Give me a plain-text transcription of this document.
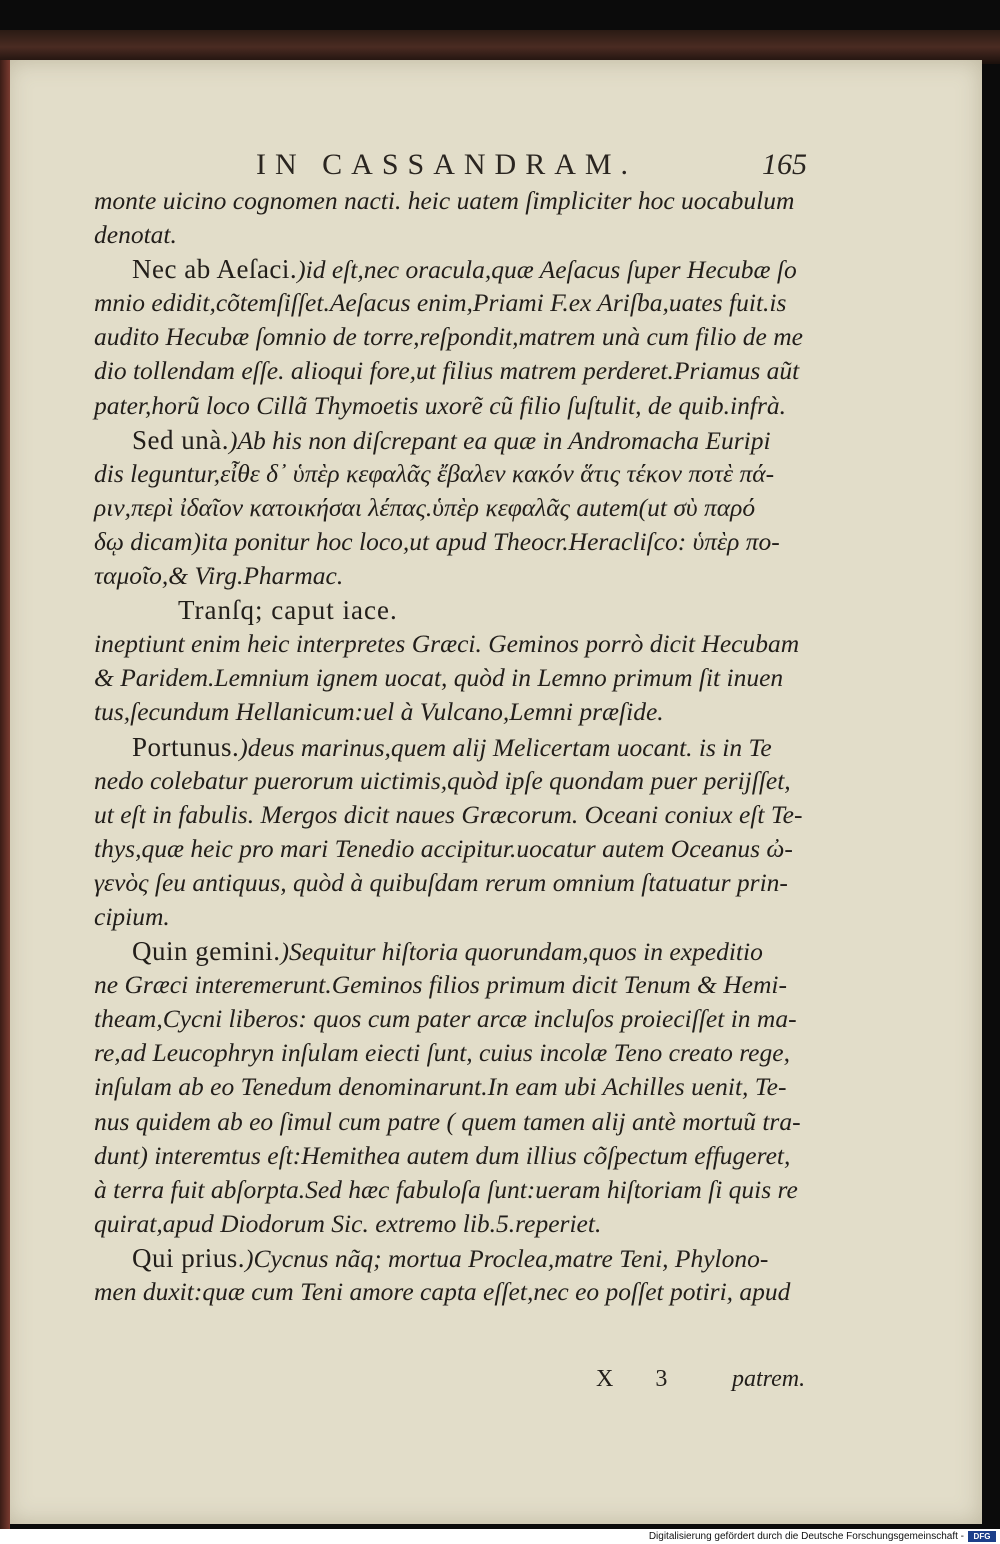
IN CASSANDRAM.	165
monte uicino cognomen nacti. heic uatem ſimpliciter hoc uocabulum
denotat.
Nec ab Aeſaci.)id eſt,nec oracula,quæ Aeſacus ſuper Hecubæ ſo
mnio edidit,cõtemſiſſet.Aeſacus enim,Priami F.ex Ariſba,uates fuit.is
audito Hecubæ ſomnio de torre,reſpondit,matrem unà cum filio de me
dio tollendam eſſe. alioqui fore,ut filius matrem perderet.Priamus aũt
pater,horũ loco Cillã Thymoetis uxorẽ cũ filio ſuſtulit, de quib.infrà.
Sed unà.)Ab his non diſcrepant ea quæ in Andromacha Euripi
dis leguntur,εἶθε δ᾽ ὑπὲρ κεφαλᾶς ἔβαλεν κακόν ἅτις τέκον ποτὲ πά-
ριν,περὶ ἰδαῖον κατοικήσαι λέπας.ὑπὲρ κεφαλᾶς autem(ut σὺ παρό
δῳ dicam)ita ponitur hoc loco,ut apud Theocr.Heracliſco: ὑπὲρ πο-
ταμοῖο,& Virg.Pharmac.
Tranſq; caput iace.
ineptiunt enim heic interpretes Græci. Geminos porrò dicit Hecubam
& Paridem.Lemnium ignem uocat, quòd in Lemno primum ſit inuen
tus,ſecundum Hellanicum:uel à Vulcano,Lemni præſide.
Portunus.)deus marinus,quem alij Melicertam uocant. is in Te
nedo colebatur puerorum uictimis,quòd ipſe quondam puer perijſſet,
ut eſt in fabulis. Mergos dicit naues Græcorum. Oceani coniux eſt Te-
thys,quæ heic pro mari Tenedio accipitur.uocatur autem Oceanus ὠ-
γενὸς ſeu antiquus, quòd à quibuſdam rerum omnium ſtatuatur prin-
cipium.
Quin gemini.)Sequitur hiſtoria quorundam,quos in expeditio
ne Græci interemerunt.Geminos filios primum dicit Tenum & Hemi-
theam,Cycni liberos: quos cum pater arcæ incluſos proieciſſet in ma-
re,ad Leucophryn inſulam eiecti ſunt, cuius incolæ Teno creato rege,
inſulam ab eo Tenedum denominarunt.In eam ubi Achilles uenit, Te-
nus quidem ab eo ſimul cum patre ( quem tamen alij antè mortuũ tra-
dunt) interemtus eſt:Hemithea autem dum illius cõſpectum effugeret,
à terra fuit abſorpta.Sed hæc fabuloſa ſunt:ueram hiſtoriam ſi quis re
quirat,apud Diodorum Sic. extremo lib.5.reperiet.
Qui prius.)Cycnus nãq; mortua Proclea,matre Teni, Phylono-
men duxit:quæ cum Teni amore capta eſſet,nec eo poſſet potiri, apud
X 3 patrem.
Digitalisierung gefördert durch die Deutsche Forschungsgemeinschaft -	DFG
